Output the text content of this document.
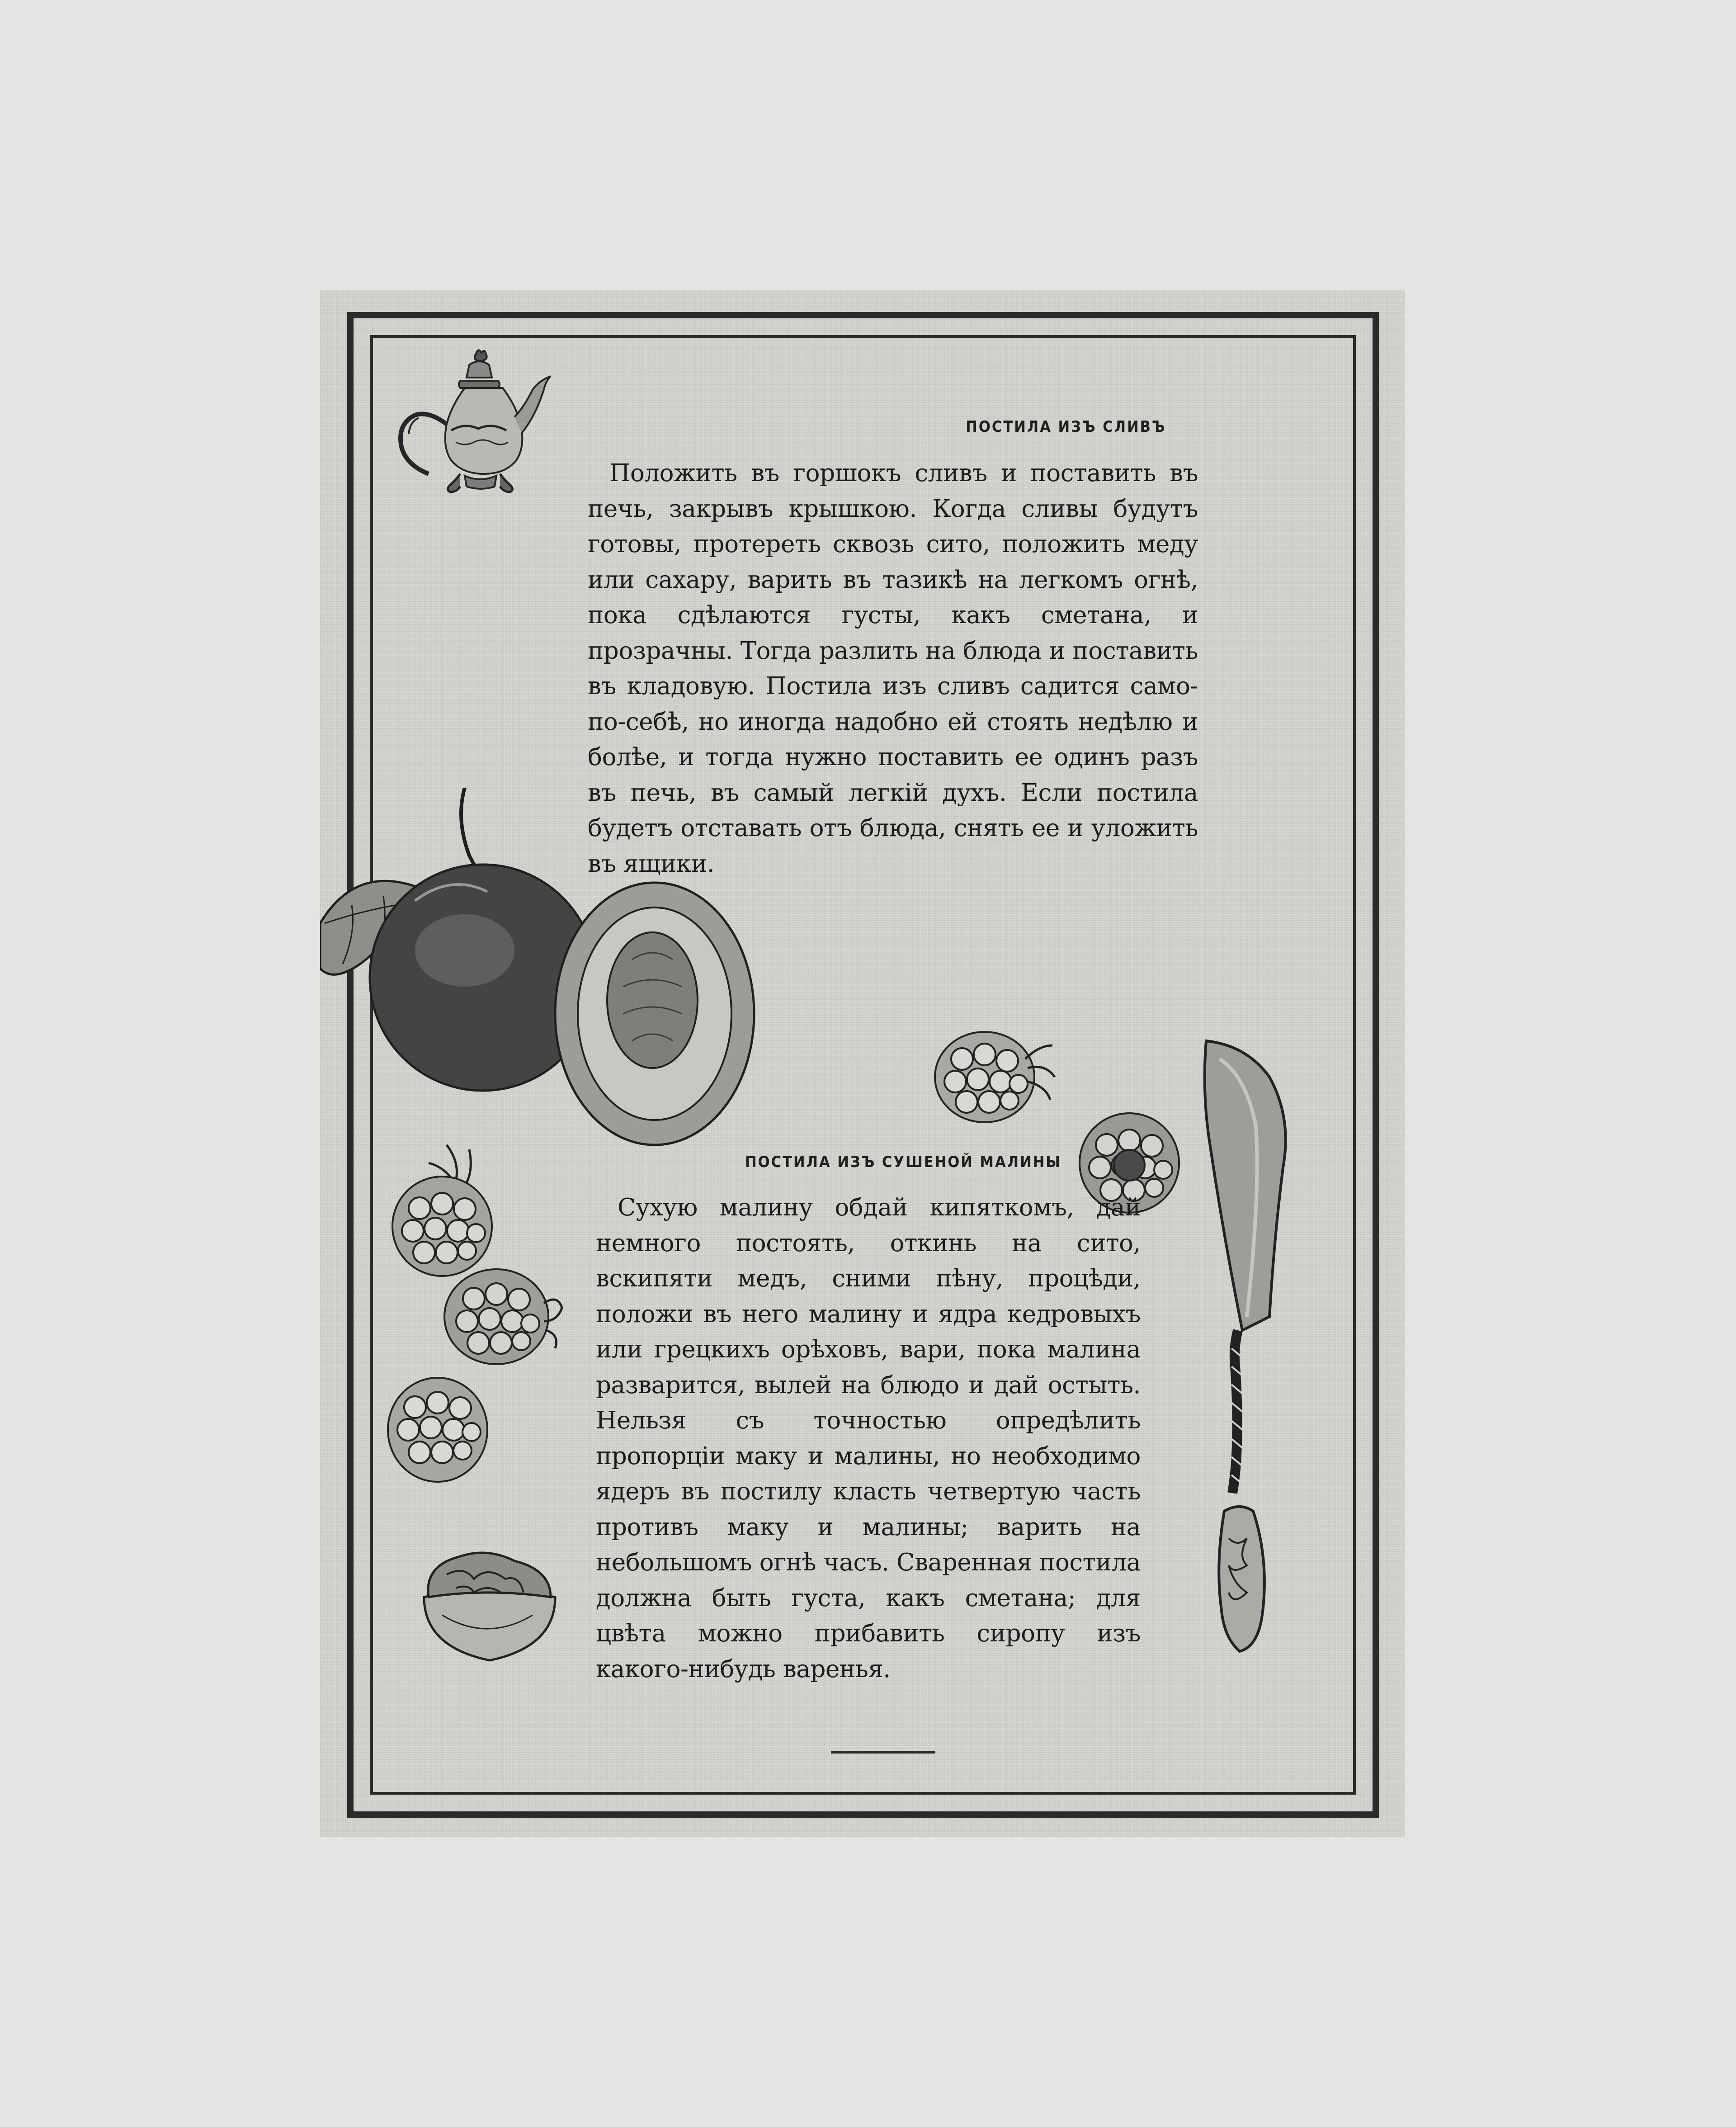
ПОСТИЛА ИЗЪ СЛИВЪ

Положить въ горшокъ сливъ и поставить въ печь, закрывъ крышкою. Когда сливы будутъ готовы, протереть сквозь сито, положить меду или сахару, варить въ тазикѣ на легкомъ огнѣ, пока сдѣлаются густы, какъ сметана, и прозрачны. Тогда разлить на блюда и поставить въ кладовую. Постила изъ сливъ садится само-по-себѣ, но иногда надобно ей стоять недѣлю и болѣе, и тогда нужно поставить ее одинъ разъ въ печь, въ самый легкій духъ. Если постила будетъ отставать отъ блюда, снять ее и уложить въ ящики.

ПОСТИЛА ИЗЪ СУШЕНОЙ МАЛИНЫ

Сухую малину обдай кипяткомъ, дай немного постоять, откинь на сито, вскипяти медъ, сними пѣну, процѣди, положи въ него малину и ядра кедровыхъ или грецкихъ орѣховъ, вари, пока малина разварится, вылей на блюдо и дай остыть. Нельзя съ точностью опредѣлить пропорціи маку и малины, но необходимо ядеръ въ постилу класть четвертую часть противъ маку и малины; варить на небольшомъ огнѣ часъ. Сваренная постила должна быть густа, какъ сметана; для цвѣта можно прибавить сиропу изъ какого-нибудь варенья.
